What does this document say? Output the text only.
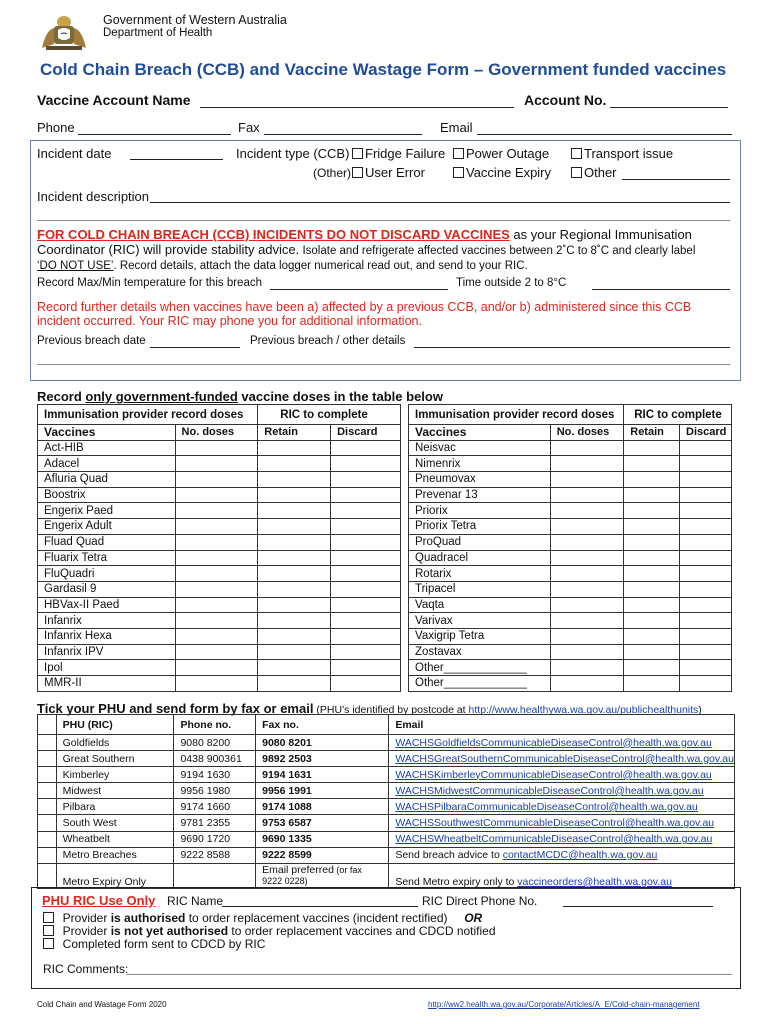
Government of Western Australia
Department of Health
Cold Chain Breach (CCB) and Vaccine Wastage Form – Government funded vaccines
Vaccine Account Name	Account No.
Phone	Fax	Email
Incident date	Incident type (CCB)	Fridge Failure	Power Outage	Transport issue
(Other)	User Error	Vaccine Expiry	Other
Incident description
FOR COLD CHAIN BREACH (CCB) INCIDENTS DO NOT DISCARD VACCINES as your Regional Immunisation
Coordinator (RIC) will provide stability advice. Isolate and refrigerate affected vaccines between 2˚C to 8˚C and clearly label
‘DO NOT USE’. Record details, attach the data logger numerical read out, and send to your RIC.
Record Max/Min temperature for this breach	Time outside 2 to 8°C
Record further details when vaccines have been a) affected by a previous CCB, and/or b) administered since this CCB
incident occurred. Your RIC may phone you for additional information.
Previous breach date	Previous breach / other details
Record only government-funded vaccine doses in the table below
Immunisation provider record doses		RIC to complete	
Vaccines	No. doses	Retain	Discard
Act-HIB			
Adacel			
Afluria Quad			
Boostrix			
Engerix Paed			
Engerix Adult			
Fluad Quad			
Fluarix Tetra			
FluQuadri			
Gardasil 9			
HBVax-II Paed			
Infanrix			
Infanrix Hexa			
Infanrix IPV			
Ipol			
MMR-II			
Immunisation provider record doses		RIC to complete	
Vaccines	No. doses	Retain	Discard
Neisvac			
Nimenrix			
Pneumovax			
Prevenar 13			
Priorix			
Priorix Tetra			
ProQuad			
Quadracel			
Rotarix			
Tripacel			
Vaqta			
Varivax			
Vaxigrip Tetra			
Zostavax			
Other_____________			
Other_____________			
Tick your PHU and send form by fax or email (PHU’s identified by postcode at http://www.healthywa.wa.gov.au/publichealthunits)
	PHU (RIC)	Phone no.	Fax no.	Email
	Goldfields	9080 8200	9080 8201	WACHSGoldfieldsCommunicableDiseaseControl@health.wa.gov.au
	Great Southern	0438 900361	9892 2503	WACHSGreatSouthernCommunicableDiseaseControl@health.wa.gov.au
	Kimberley	9194 1630	9194 1631	WACHSKimberleyCommunicableDiseaseControl@health.wa.gov.au
	Midwest	9956 1980	9956 1991	WACHSMidwestCommunicableDiseaseControl@health.wa.gov.au
	Pilbara	9174 1660	9174 1088	WACHSPilbaraCommunicableDiseaseControl@health.wa.gov.au
	South West	9781 2355	9753 6587	WACHSSouthwestCommunicableDiseaseControl@health.wa.gov.au
	Wheatbelt	9690 1720	9690 1335	WACHSWheatbeltCommunicableDiseaseControl@health.wa.gov.au
	Metro Breaches	9222 8588	9222 8599	Send breach advice to contactMCDC@health.wa.gov.au
	Metro Expiry Only		Email preferred (or fax
9222 0228)	Send Metro expiry only to vaccineorders@health.wa.gov.au
PHU RIC Use Only RIC Name	RIC Direct Phone No.
Provider is authorised to order replacement vaccines (incident rectified) OR
Provider is not yet authorised to order replacement vaccines and CDCD notified
Completed form sent to CDCD by RIC
RIC Comments:
Cold Chain and Wastage Form 2020	http://ww2.health.wa.gov.au/Corporate/Articles/A_E/Cold-chain-management
